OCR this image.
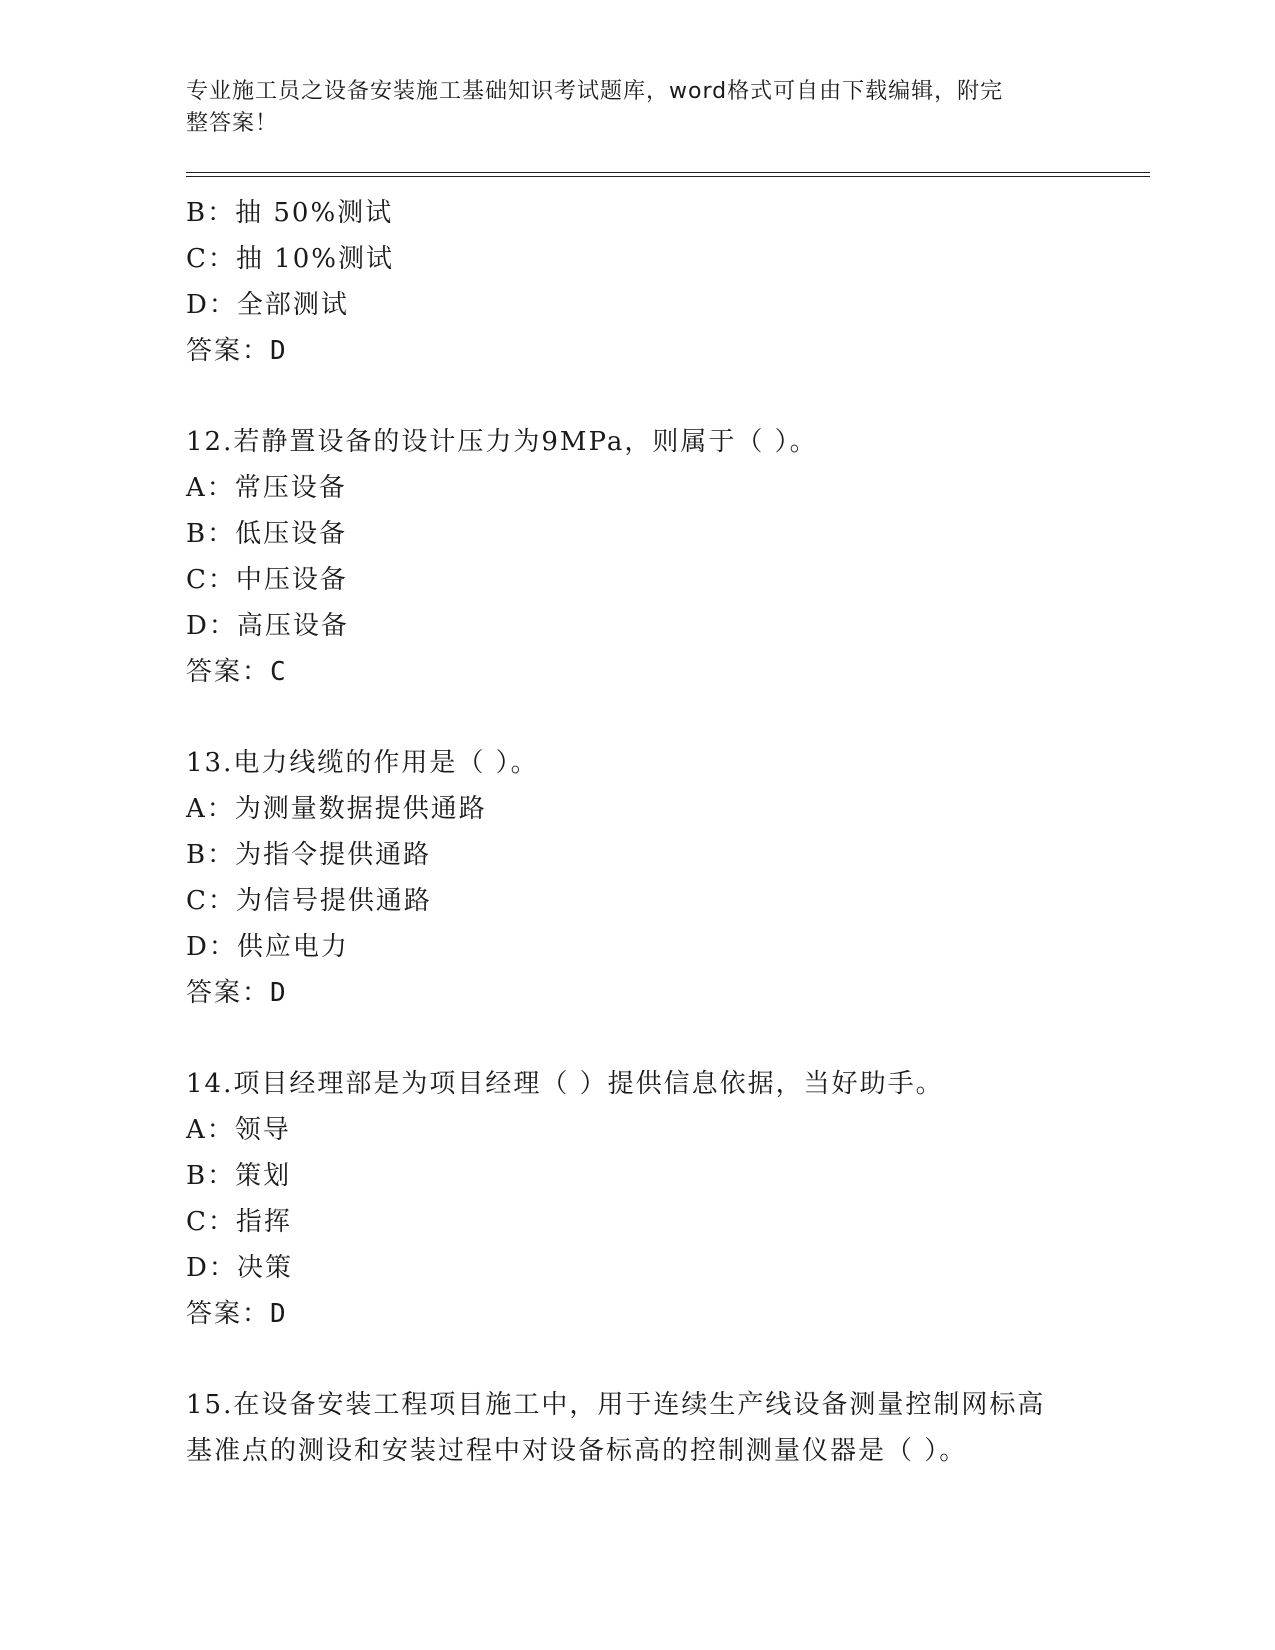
专业施工员之设备安装施工基础知识考试题库，word格式可自由下载编辑，附完
整答案！
B：抽 50%测试
C：抽 10%测试
D：全部测试
答案：D
12.若静置设备的设计压力为9MPa，则属于（ ）。
A：常压设备
B：低压设备
C：中压设备
D：高压设备
答案：C
13.电力线缆的作用是（ ）。
A：为测量数据提供通路
B：为指令提供通路
C：为信号提供通路
D：供应电力
答案：D
14.项目经理部是为项目经理（ ）提供信息依据，当好助手。
A：领导
B：策划
C：指挥
D：决策
答案：D
15.在设备安装工程项目施工中，用于连续生产线设备测量控制网标高
基准点的测设和安装过程中对设备标高的控制测量仪器是（ ）。
